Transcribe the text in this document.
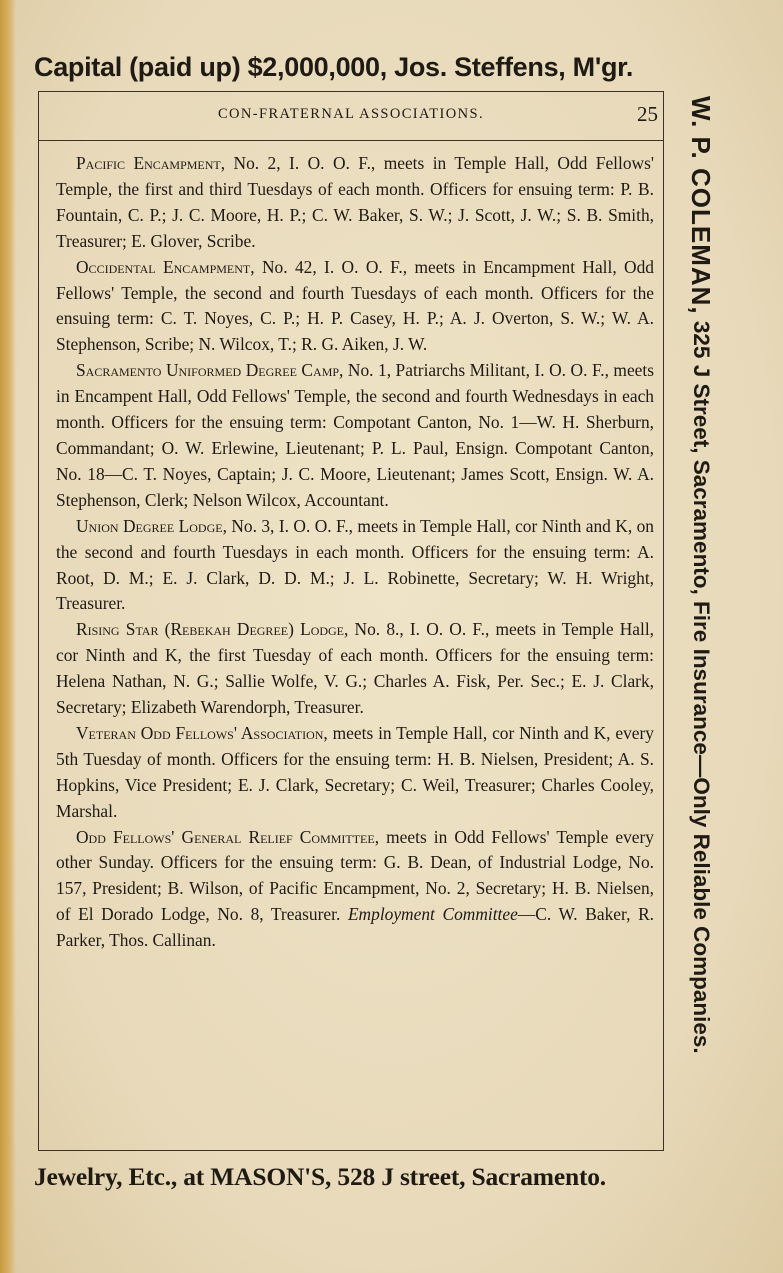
Capital (paid up) $2,000,000, Jos. Steffens, M'gr.
W. P. COLEMAN, 325 J Street, Sacramento, Fire Insurance—Only Reliable Companies.
CON-FRATERNAL ASSOCIATIONS.	25

Pacific Encampment, No. 2, I. O. O. F., meets in Temple Hall, Odd Fellows' Temple, the first and third Tuesdays of each month. Officers for ensuing term: P. B. Fountain, C. P.; J. C. Moore, H. P.; C. W. Baker, S. W.; J. Scott, J. W.; S. B. Smith, Treasurer; E. Glover, Scribe.

Occidental Encampment, No. 42, I. O. O. F., meets in Encampment Hall, Odd Fellows' Temple, the second and fourth Tuesdays of each month. Officers for the ensuing term: C. T. Noyes, C. P.; H. P. Casey, H. P.; A. J. Overton, S. W.; W. A. Stephenson, Scribe; N. Wilcox, T.; R. G. Aiken, J. W.

Sacramento Uniformed Degree Camp, No. 1, Patriarchs Militant, I. O. O. F., meets in Encampent Hall, Odd Fellows' Temple, the second and fourth Wednesdays in each month. Officers for the ensuing term: Compotant Canton, No. 1—W. H. Sherburn, Commandant; O. W. Erlewine, Lieutenant; P. L. Paul, Ensign. Compotant Canton, No. 18—C. T. Noyes, Captain; J. C. Moore, Lieutenant; James Scott, Ensign. W. A. Stephenson, Clerk; Nelson Wilcox, Accountant.

Union Degree Lodge, No. 3, I. O. O. F., meets in Temple Hall, cor Ninth and K, on the second and fourth Tuesdays in each month. Officers for the ensuing term: A. Root, D. M.; E. J. Clark, D. D. M.; J. L. Robinette, Secretary; W. H. Wright, Treasurer.

Rising Star (Rebekah Degree) Lodge, No. 8., I. O. O. F., meets in Temple Hall, cor Ninth and K, the first Tuesday of each month. Officers for the ensuing term: Helena Nathan, N. G.; Sallie Wolfe, V. G.; Charles A. Fisk, Per. Sec.; E. J. Clark, Secretary; Elizabeth Warendorph, Treasurer.

Veteran Odd Fellows' Association, meets in Temple Hall, cor Ninth and K, every 5th Tuesday of month. Officers for the ensuing term: H. B. Nielsen, President; A. S. Hopkins, Vice President; E. J. Clark, Secretary; C. Weil, Treasurer; Charles Cooley, Marshal.

Odd Fellows' General Relief Committee, meets in Odd Fellows' Temple every other Sunday. Officers for the ensuing term: G. B. Dean, of Industrial Lodge, No. 157, President; B. Wilson, of Pacific Encampment, No. 2, Secretary; H. B. Nielsen, of El Dorado Lodge, No. 8, Treasurer. Employment Committee—C. W. Baker, R. Parker, Thos. Callinan.

Jewelry, Etc., at MASON'S, 528 J street, Sacramento.
